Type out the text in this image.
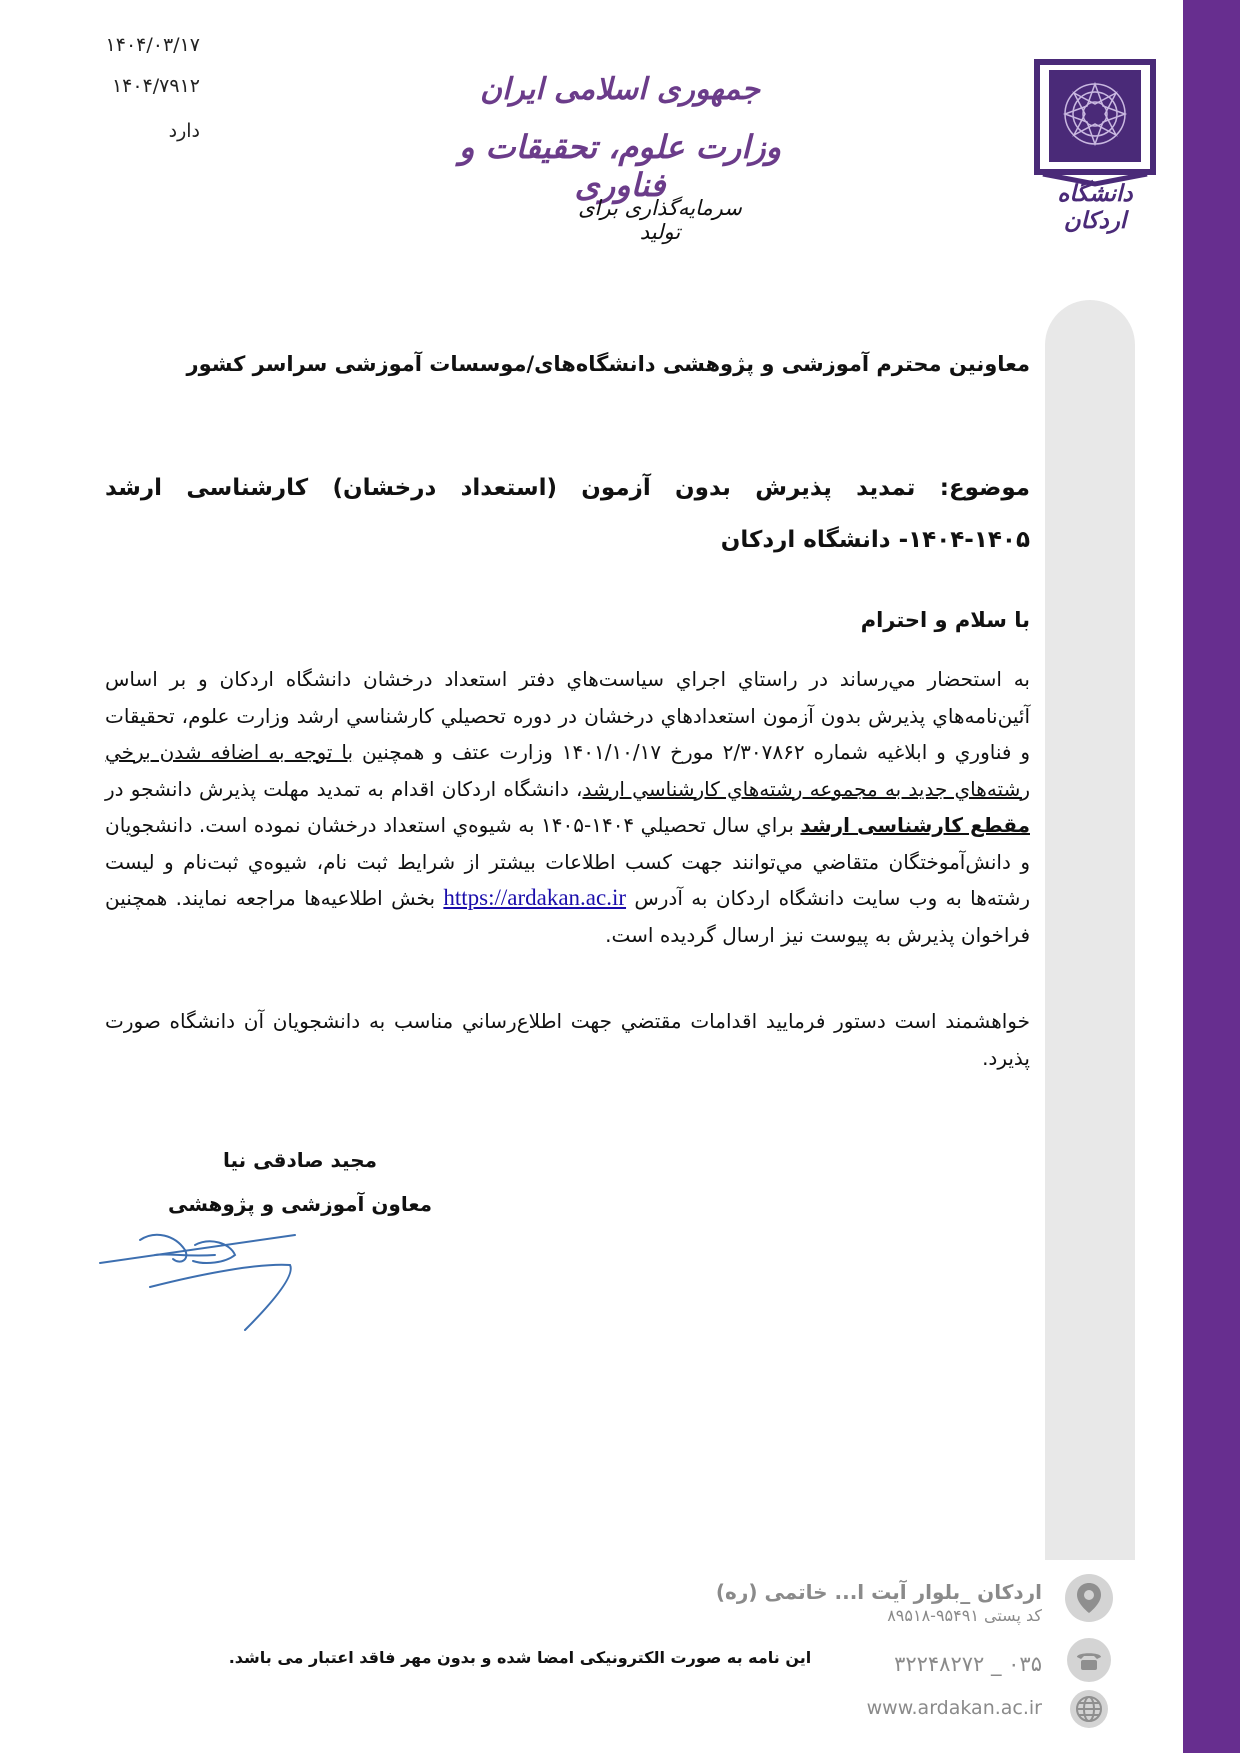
۱۴۰۴/۰۳/۱۷
۱۴۰۴/۷۹۱۲
دارد
جمهوری اسلامی ایران
وزارت علوم، تحقیقات و فناوری
سرمایه‌گذاری برای تولید
دانشگاه اردکان
معاونین محترم آموزشی و پژوهشی دانشگاه‌های/موسسات آموزشی سراسر کشور
موضوع: تمدید پذیرش بدون آزمون (استعداد درخشان) کارشناسی ارشد ۱۴۰۵-۱۴۰۴- دانشگاه اردکان
با سلام و احترام
به استحضار مي‌رساند در راستاي اجراي سياست‌هاي دفتر استعداد درخشان دانشگاه اردکان و بر اساس آئين‌نامه‌هاي پذيرش بدون آزمون استعدادهاي درخشان در دوره تحصيلي کارشناسي ارشد وزارت علوم، تحقيقات و فناوري و ابلاغيه شماره ۲/۳۰۷۸۶۲ مورخ ۱۴۰۱/۱۰/۱۷ وزارت عتف و همچنين با توجه به اضافه شدن برخي رشته‌هاي جديد به مجموعه رشته‌هاي کارشناسي ارشد، دانشگاه اردکان اقدام به تمديد مهلت پذيرش دانشجو در مقطع کارشناسی ارشد براي سال تحصيلي ۱۴۰۴-۱۴۰۵ به شيوه‌ي استعداد درخشان نموده است. دانشجويان و دانش‌آموختگان متقاضي مي‌توانند جهت کسب اطلاعات بيشتر از شرايط ثبت نام، شيوه‌ي ثبت‌نام و ليست رشته‌ها به وب سايت دانشگاه اردکان به آدرس https://ardakan.ac.ir بخش اطلاعيه‌ها مراجعه نمايند. همچنين فراخوان پذيرش به پيوست نيز ارسال گرديده است.
خواهشمند است دستور فرماييد اقدامات مقتضي جهت اطلاع‌رساني مناسب به دانشجويان آن دانشگاه صورت پذيرد.
مجید صادقی نیا
معاون آموزشی و پژوهشی
این نامه به صورت الکترونیکی امضا شده و بدون مهر فاقد اعتبار می باشد.
اردکان _بلوار آیت ا... خاتمی (ره)
کد پستی ۹۵۴۹۱-۸۹۵۱۸
۰۳۵ _ ۳۲۲۴۸۲۷۲
www.ardakan.ac.ir
